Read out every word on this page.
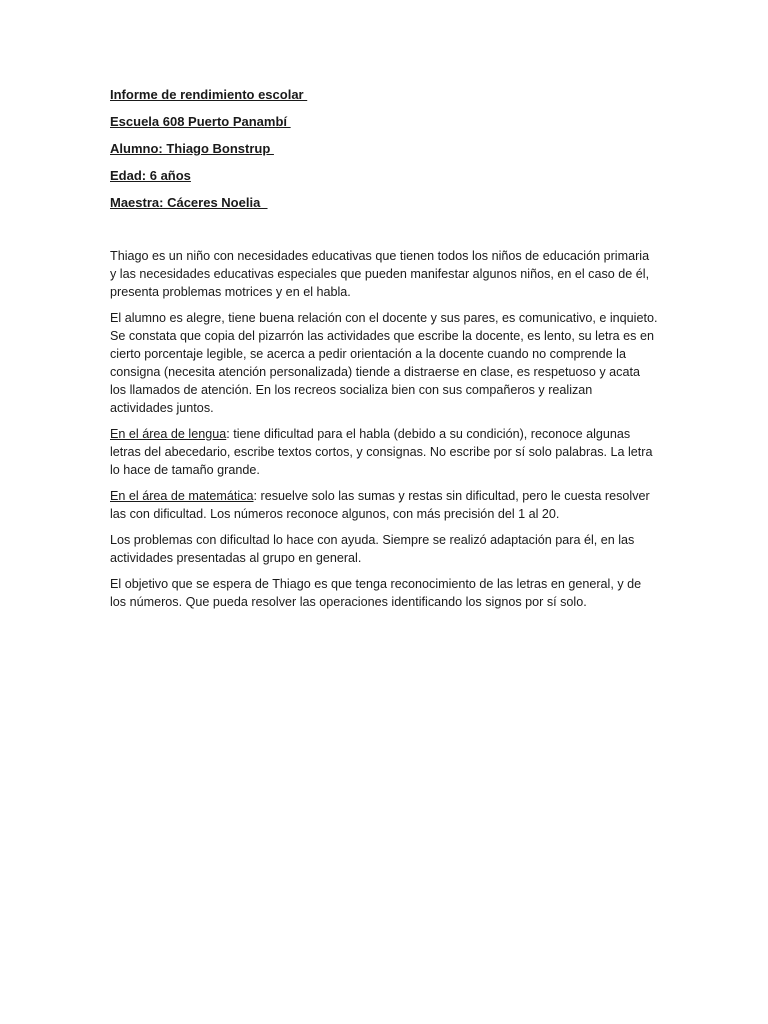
Informe de rendimiento escolar
Escuela 608 Puerto Panambí
Alumno: Thiago Bonstrup
Edad: 6 años
Maestra: Cáceres Noelia

Thiago es un niño con necesidades educativas que tienen todos los niños de educación primaria y las necesidades educativas especiales que pueden manifestar algunos niños, en el caso de él, presenta problemas motrices y en el habla.

El alumno es alegre, tiene buena relación con el docente y sus pares, es comunicativo, e inquieto. Se constata que copia del pizarrón las actividades que escribe la docente, es lento, su letra es en cierto porcentaje legible, se acerca a pedir orientación a la docente cuando no comprende la consigna (necesita atención personalizada) tiende a distraerse en clase, es respetuoso y acata los llamados de atención. En los recreos socializa bien con sus compañeros y realizan actividades juntos.

En el área de lengua: tiene dificultad para el habla (debido a su condición), reconoce algunas letras del abecedario, escribe textos cortos, y consignas. No escribe por sí solo palabras. La letra lo hace de tamaño grande.

En el área de matemática: resuelve solo las sumas y restas sin dificultad, pero le cuesta resolver las con dificultad. Los números reconoce algunos, con más precisión del 1 al 20.

Los problemas con dificultad lo hace con ayuda. Siempre se realizó adaptación para él, en las actividades presentadas al grupo en general.

El objetivo que se espera de Thiago es que tenga reconocimiento de las letras en general, y de los números. Que pueda resolver las operaciones identificando los signos por sí solo.
